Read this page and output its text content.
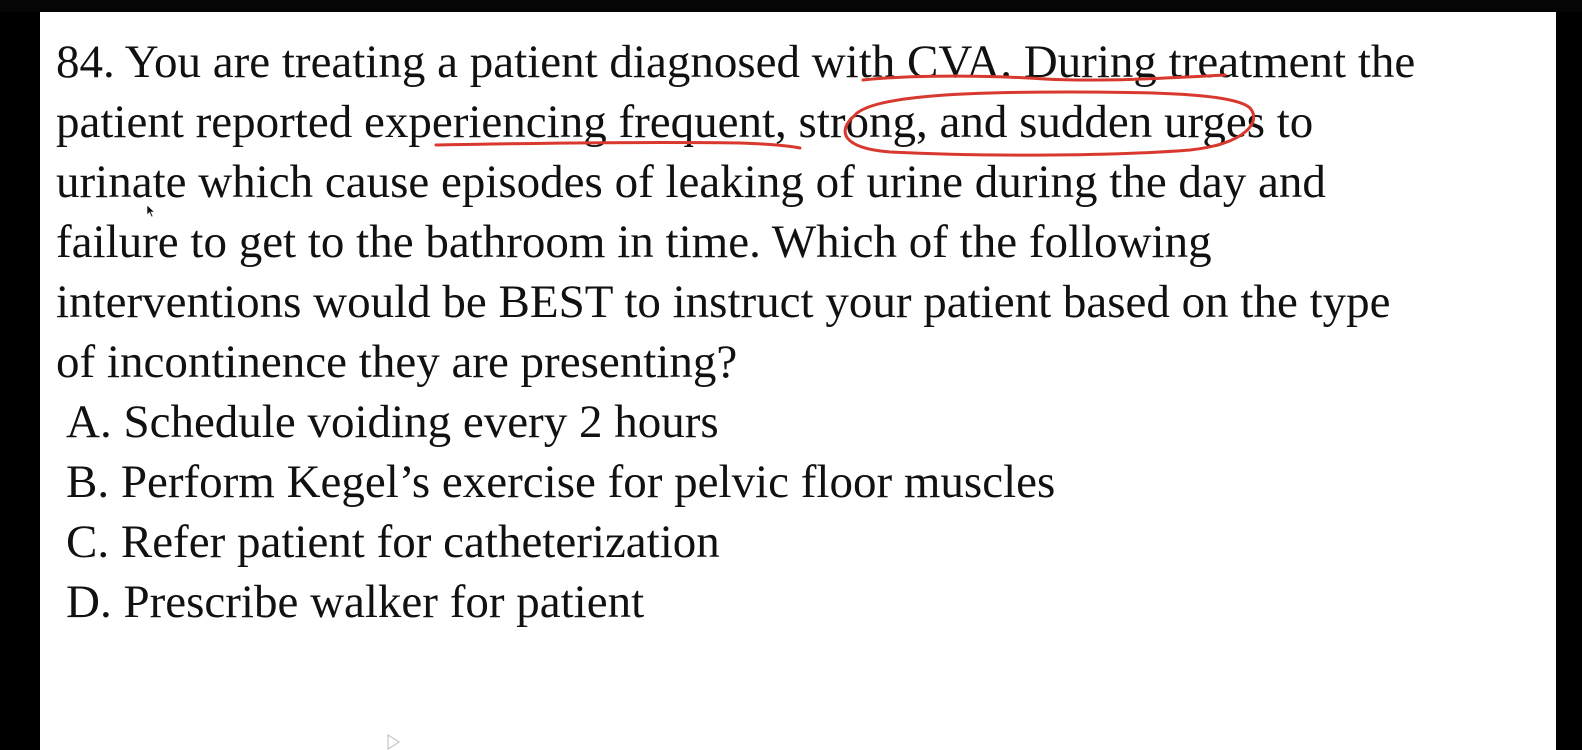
84. You are treating a patient diagnosed with CVA. During treatment the
patient reported experiencing frequent, strong, and sudden urges to
urinate which cause episodes of leaking of urine during the day and
failure to get to the bathroom in time. Which of the following
interventions would be BEST to instruct your patient based on the type
of incontinence they are presenting?

A. Schedule voiding every 2 hours
B. Perform Kegel’s exercise for pelvic floor muscles
C. Refer patient for catheterization
D. Prescribe walker for patient
